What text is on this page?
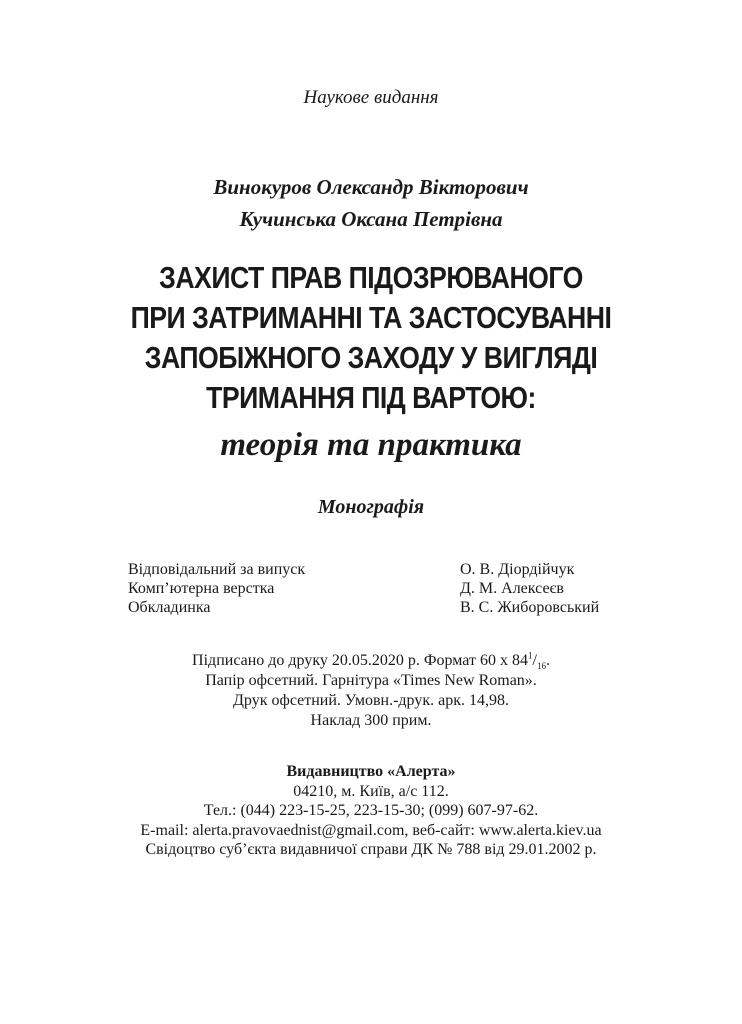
Наукове видання
Винокуров Олександр Вікторович
Кучинська Оксана Петрівна
ЗАХИСТ ПРАВ ПІДОЗРЮВАНОГО
ПРИ ЗАТРИМАННІ ТА ЗАСТОСУВАННІ
ЗАПОБІЖНОГО ЗАХОДУ У ВИГЛЯДІ
ТРИМАННЯ ПІД ВАРТОЮ:
теорія та практика
Монографія
Відповідальний за випуск	О. В. Діордійчук
Комп’ютерна верстка	Д. М. Алексеєв
Обкладинка	В. С. Жиборовський
Підписано до друку 20.05.2020 р. Формат 60 x $84^1/_{16}$.
Папір офсетний. Гарнітура «Times New Roman».
Друк офсетний. Умовн.-друк. арк. 14,98.
Наклад 300 прим.
Видавництво «Алерта»
04210, м. Київ, а/с 112.
Тел.: (044) 223-15-25, 223-15-30; (099) 607-97-62.
E-mail: alerta.pravovaednist@gmail.com, веб-сайт: www.alerta.kiev.ua
Свідоцтво суб’єкта видавничої справи ДК № 788 від 29.01.2002 р.
